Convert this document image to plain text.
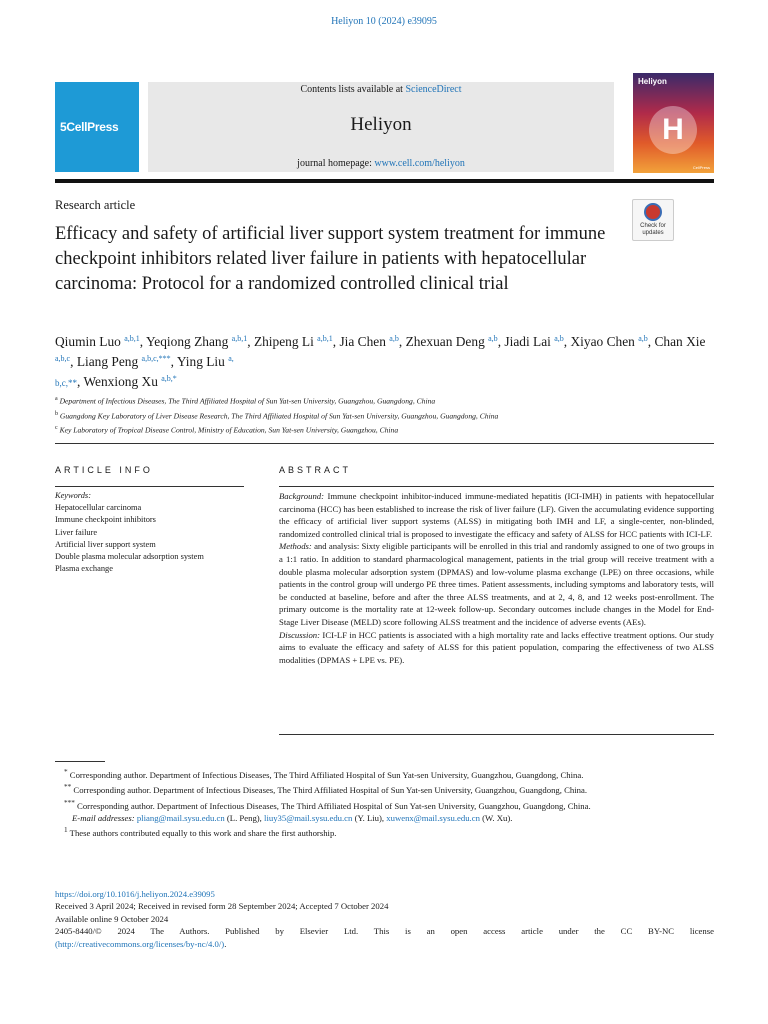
Heliyon 10 (2024) e39095
5CellPress
Contents lists available at ScienceDirect
Heliyon
journal homepage: www.cell.com/heliyon
Heliyon
H
CellPress
Research article
Check for updates
Efficacy and safety of artificial liver support system treatment for immune checkpoint inhibitors related liver failure in patients with hepatocellular carcinoma: Protocol for a randomized controlled clinical trial
Qiumin Luo $^{a,b,1}$, Yeqiong Zhang $^{a,b,1}$, Zhipeng Li $^{a,b,1}$, Jia Chen $^{a,b}$, Zhexuan Deng $^{a,b}$, Jiadi Lai $^{a,b}$, Xiyao Chen $^{a,b}$, Chan Xie $^{a,b,c}$, Liang Peng $^{a,b,c,***}$, Ying Liu $^{a,}$
b,c,**, Wenxiong Xu $^{a,b,*}$
$^a$ Department of Infectious Diseases, The Third Affiliated Hospital of Sun Yat-sen University, Guangzhou, Guangdong, China
$^b$ Guangdong Key Laboratory of Liver Disease Research, The Third Affiliated Hospital of Sun Yat-sen University, Guangzhou, Guangdong, China
$^c$ Key Laboratory of Tropical Disease Control, Ministry of Education, Sun Yat-sen University, Guangzhou, China
ARTICLE INFO	ABSTRACT
Keywords:
Hepatocellular carcinoma
Immune checkpoint inhibitors
Liver failure
Artificial liver support system
Double plasma molecular adsorption system
Plasma exchange

Background: Immune checkpoint inhibitor-induced immune-mediated hepatitis (ICI-IMH) in patients with hepatocellular carcinoma (HCC) has been established to increase the risk of liver failure (LF). Given the accumulating evidence supporting the efficacy of artificial liver support systems (ALSS) in mitigating both IMH and LF, a single-center, non-blinded, randomized controlled clinical trial is proposed to investigate the efficacy and safety of ALSS for HCC patients with ICI-LF.

Methods: and analysis: Sixty eligible participants will be enrolled in this trial and randomly assigned to one of two groups in a 1:1 ratio. In addition to standard pharmacological management, patients in the trial group will receive treatment with a double plasma molecular adsorption system (DPMAS) and low-volume plasma exchange (LPE) on three occasions, while patients in the control group will undergo PE three times. Patient assessments, including symptoms and laboratory tests, will be conducted at baseline, before and after the three ALSS treatments, and at 2, 4, 8, and 12 weeks post-enrollment. The primary outcome is the mortality rate at 12-week follow-up. Secondary outcomes include changes in the Model for End-Stage Liver Disease (MELD) score following ALSS treatment and the incidence of adverse events (AEs).

Discussion: ICI-LF in HCC patients is associated with a high mortality rate and lacks effective treatment options. Our study aims to evaluate the efficacy and safety of ALSS for this patient population, comparing the effectiveness of two ALSS modalities (DPMAS + LPE vs. PE).

* Corresponding author. Department of Infectious Diseases, The Third Affiliated Hospital of Sun Yat-sen University, Guangzhou, Guangdong, China.

** Corresponding author. Department of Infectious Diseases, The Third Affiliated Hospital of Sun Yat-sen University, Guangzhou, Guangdong, China.

*** Corresponding author. Department of Infectious Diseases, The Third Affiliated Hospital of Sun Yat-sen University, Guangzhou, Guangdong, China.

E-mail addresses: pliang@mail.sysu.edu.cn (L. Peng), liuy35@mail.sysu.edu.cn (Y. Liu), xuwenx@mail.sysu.edu.cn (W. Xu).

$^1$ These authors contributed equally to this work and share the first authorship.

https://doi.org/10.1016/j.heliyon.2024.e39095

Received 3 April 2024; Received in revised form 28 September 2024; Accepted 7 October 2024

Available online 9 October 2024

2405-8440/© 2024 The Authors. Published by Elsevier Ltd. This is an open access article under the CC BY-NC license

(http://creativecommons.org/licenses/by-nc/4.0/).
